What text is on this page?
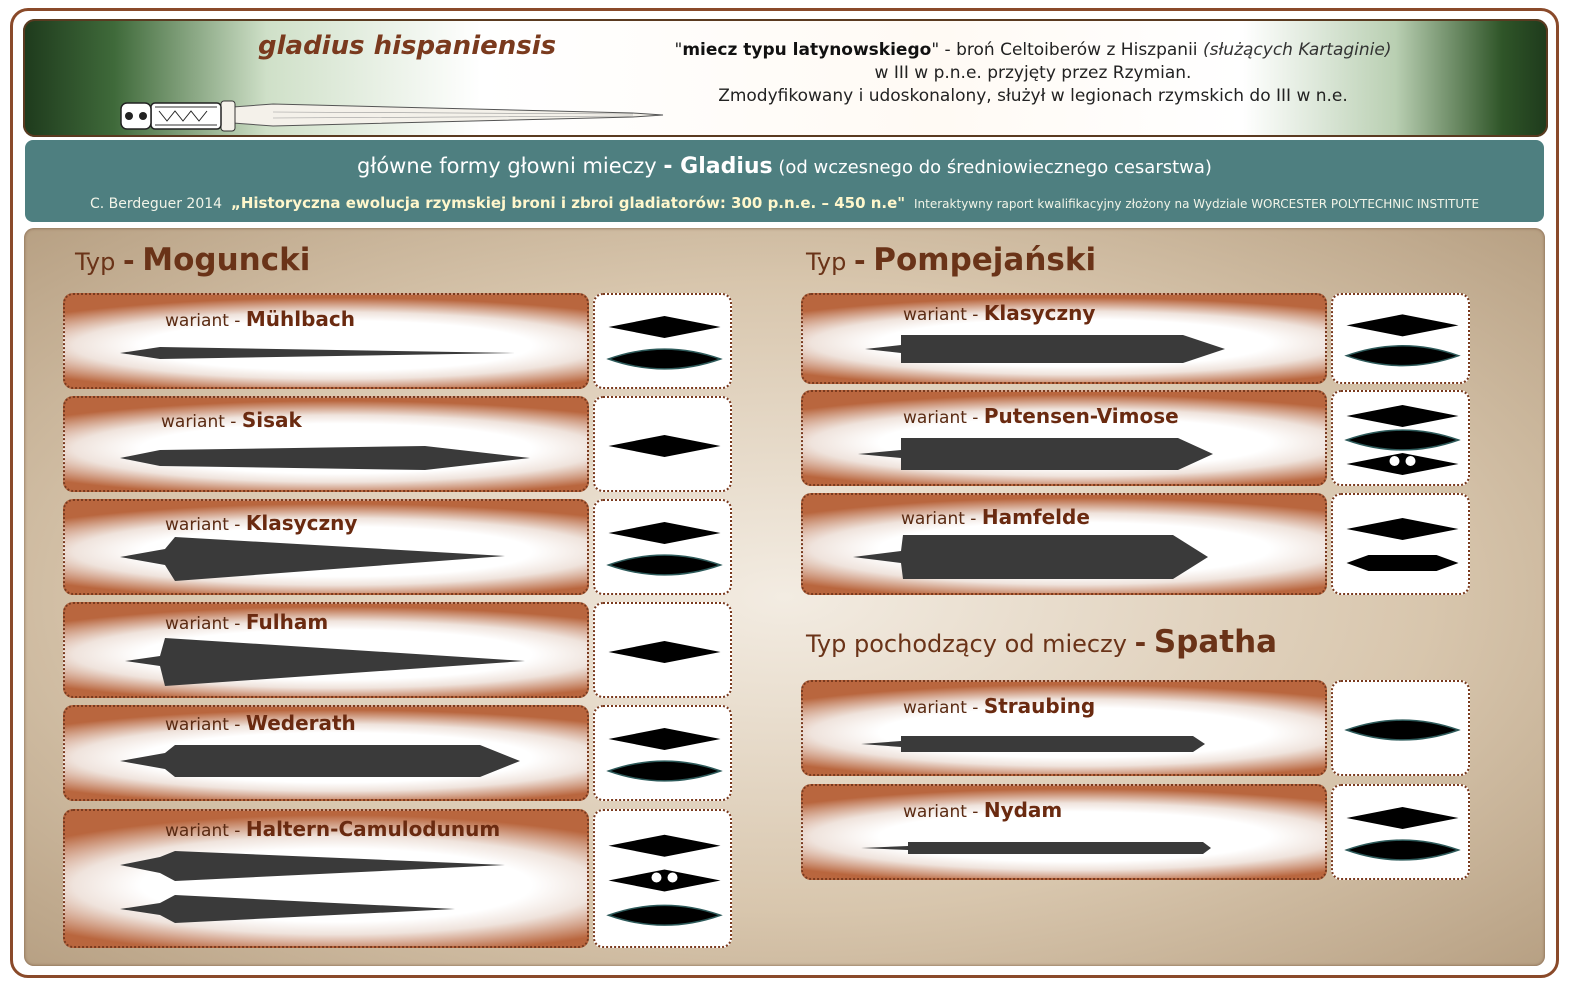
gladius hispaniensis	"miecz typu latynowskiego" - broń Celtoiberów z Hiszpanii (służących Kartaginie)
w III w p.n.e. przyjęty przez Rzymian.
Zmodyfikowany i udoskonalony, służył w legionach rzymskich do III w n.e.
główne formy głowni mieczy - Gladius (od wczesnego do średniowiecznego cesarstwa)
C. Berdeguer 2014 „Historyczna ewolucja rzymskiej broni i zbroi gladiatorów: 300 p.n.e. – 450 n.e" Interaktywny raport kwalifikacyjny złożony na Wydziale WORCESTER POLYTECHNIC INSTITUTE
Typ - Moguncki	Typ - Pompejański
Typ pochodzący od mieczy - Spatha
wariant - Mühlbach
wariant - Sisak
wariant - Klasyczny
wariant - Fulham
wariant - Wederath
wariant - Haltern-Camulodunum
wariant - Klasyczny
wariant - Putensen-Vimose
wariant - Hamfelde
wariant - Straubing
wariant - Nydam
